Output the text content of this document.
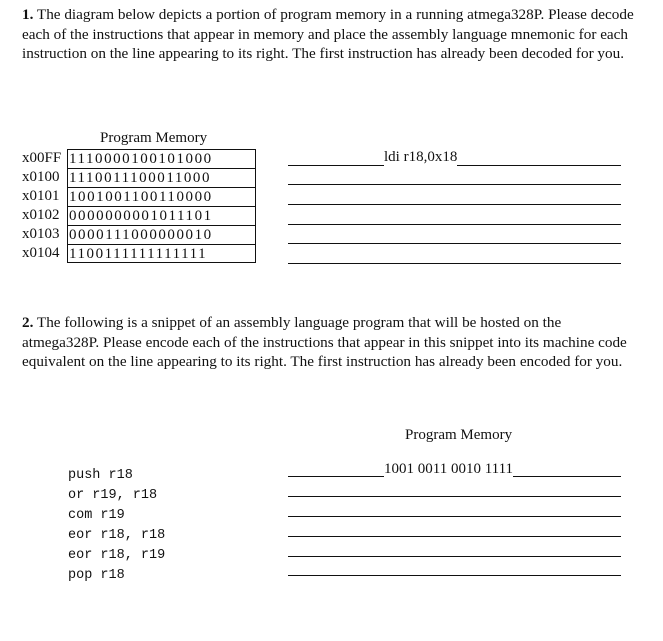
1. The diagram below depicts a portion of program memory in a running atmega328P. Please decode each of the instructions that appear in memory and place the assembly language mnemonic for each instruction on the line appearing to its right. The first instruction has already been decoded for you.

Program Memory
x00FF 1110000100101000
x0100 1110011100011000
x0101 1001001100110000
x0102 0000000001011101
x0103 0000111000000010
x0104 1100111111111111
ldi r18,0x18

2. The following is a snippet of an assembly language program that will be hosted on the atmega328P. Please encode each of the instructions that appear in this snippet into its machine code equivalent on the line appearing to its right. The first instruction has already been encoded for you.

Program Memory
push r18
or r19, r18
com r19
eor r18, r18
eor r18, r19
pop r18
1001 0011 0010 1111
